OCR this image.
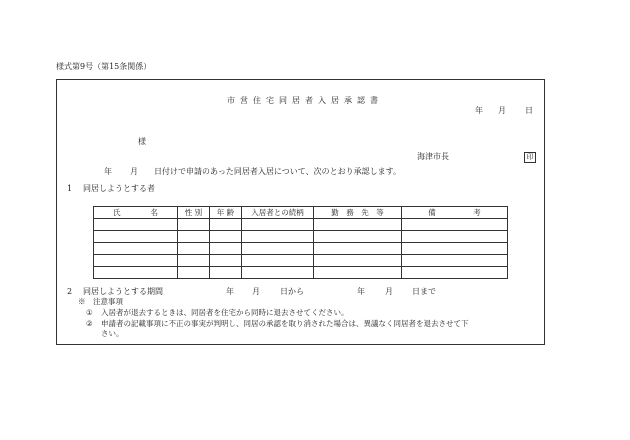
様式第9号（第15条関係）
市営住宅同居者入居承認書
年 月 日
様
海津市長	印
年 月 日付けで申請のあった同居者入居について、次のとおり承認します。
1 同居しようとする者
氏　　　　名	性 別	年 齢	入居者との続柄	勤　務　先　等	備　　　　　考

2 同居しようとする期間	年 月	日から	年	月 日まで
※　注意事項
① 入居者が退去するときは、同居者を住宅から同時に退去させてください。
② 申請者の記載事項に不正の事実が判明し、同居の承認を取り消された場合は、異議なく同居者を退去させて下
さい。
